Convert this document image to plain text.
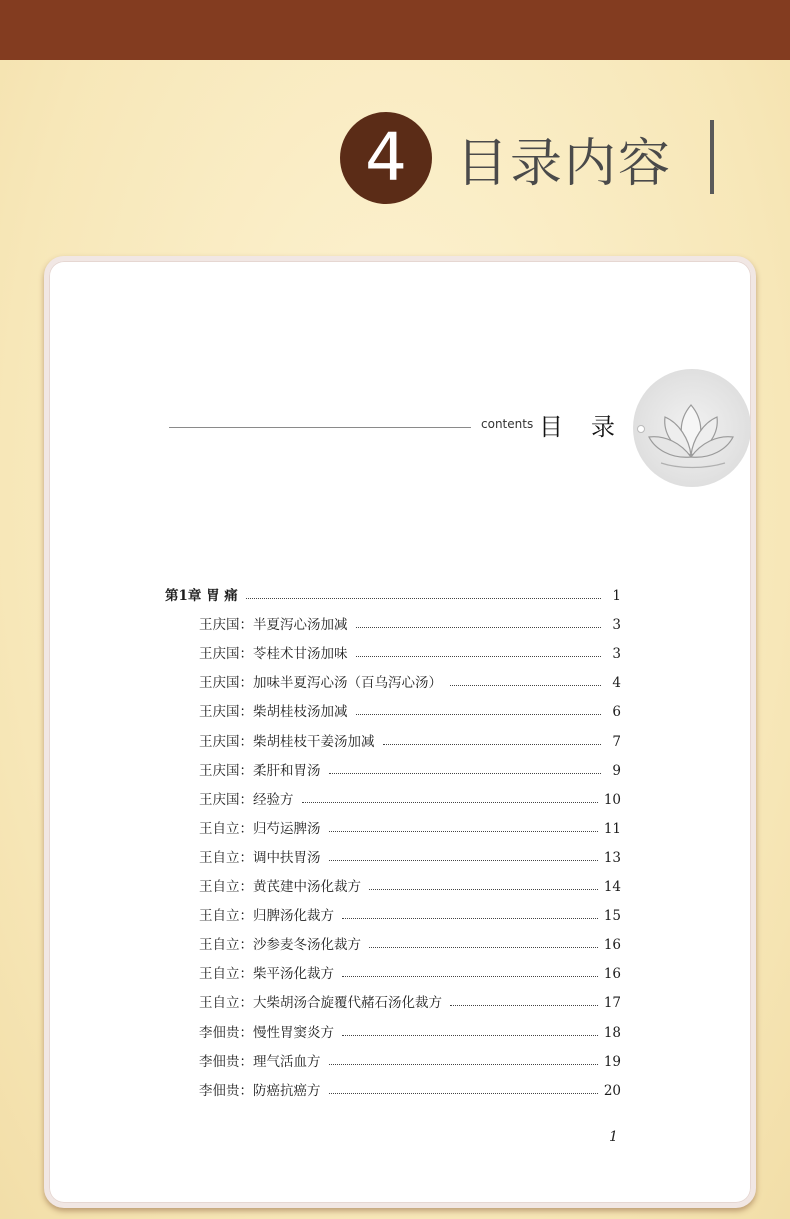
4 目录内容
contents 目录
第1章 胃 痛	1
王庆国：半夏泻心汤加减	3
王庆国：苓桂术甘汤加味	3
王庆国：加味半夏泻心汤（百乌泻心汤）	4
王庆国：柴胡桂枝汤加减	6
王庆国：柴胡桂枝干姜汤加减	7
王庆国：柔肝和胃汤	9
王庆国：经验方	10
王自立：归芍运脾汤	11
王自立：调中扶胃汤	13
王自立：黄芪建中汤化裁方	14
王自立：归脾汤化裁方	15
王自立：沙参麦冬汤化裁方	16
王自立：柴平汤化裁方	16
王自立：大柴胡汤合旋覆代赭石汤化裁方	17
李佃贵：慢性胃窦炎方	18
李佃贵：理气活血方	19
李佃贵：防癌抗癌方	20
1
